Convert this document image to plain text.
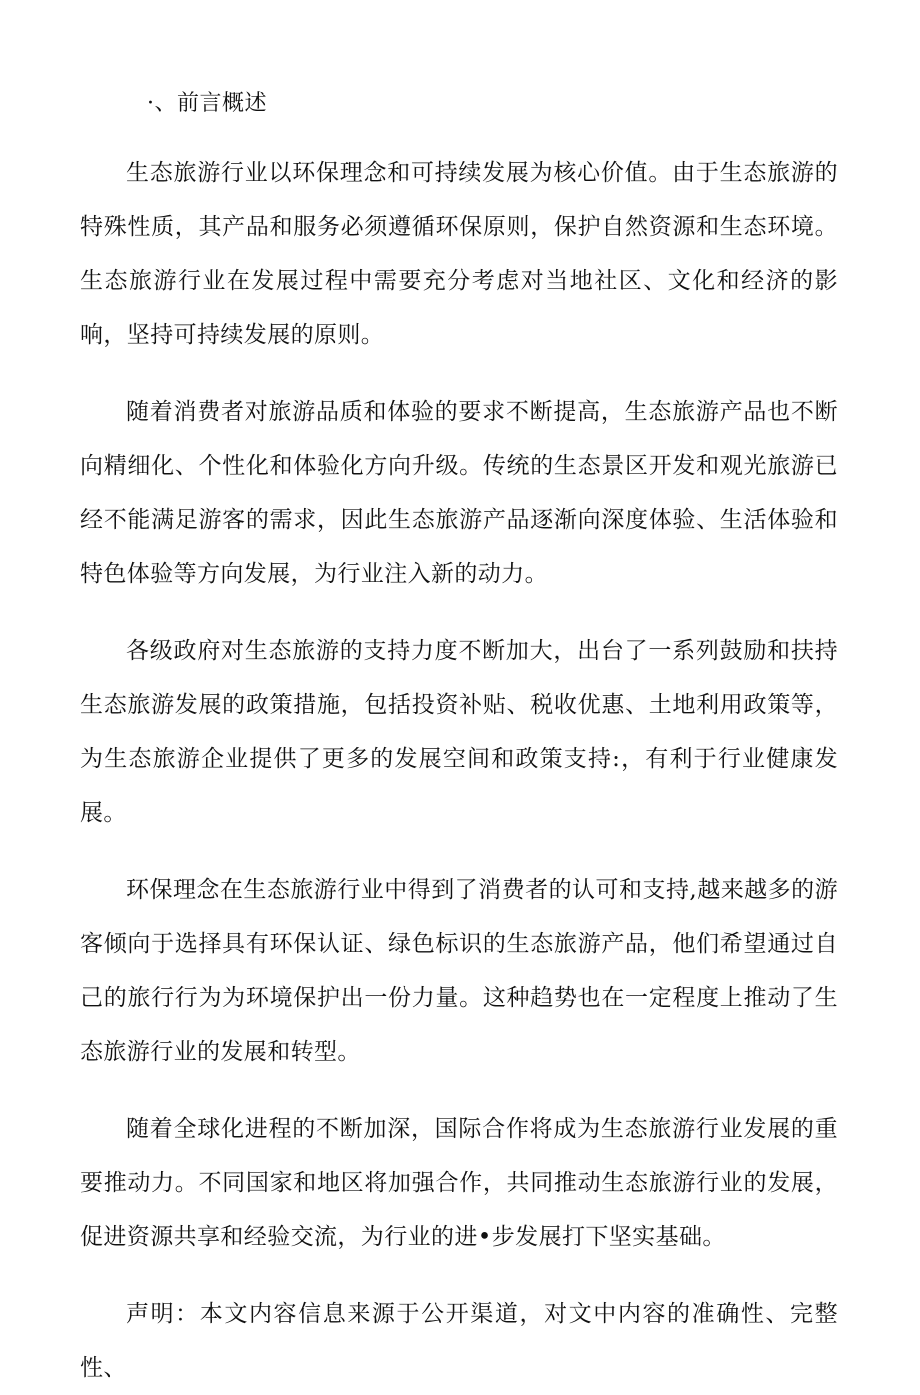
·、前言概述

生态旅游行业以环保理念和可持续发展为核心价值。由于生态旅游的特殊性质，其产品和服务必须遵循环保原则，保护自然资源和生态环境。生态旅游行业在发展过程中需要充分考虑对当地社区、文化和经济的影响，坚持可持续发展的原则。

随着消费者对旅游品质和体验的要求不断提高，生态旅游产品也不断向精细化、个性化和体验化方向升级。传统的生态景区开发和观光旅游已经不能满足游客的需求，因此生态旅游产品逐渐向深度体验、生活体验和特色体验等方向发展，为行业注入新的动力。

各级政府对生态旅游的支持力度不断加大，出台了一系列鼓励和扶持生态旅游发展的政策措施，包括投资补贴、税收优惠、土地利用政策等，为生态旅游企业提供了更多的发展空间和政策支持:，有利于行业健康发展。

环保理念在生态旅游行业中得到了消费者的认可和支持,越来越多的游客倾向于选择具有环保认证、绿色标识的生态旅游产品，他们希望通过自己的旅行行为为环境保护出一份力量。这种趋势也在一定程度上推动了生态旅游行业的发展和转型。

随着全球化进程的不断加深，国际合作将成为生态旅游行业发展的重要推动力。不同国家和地区将加强合作，共同推动生态旅游行业的发展，促进资源共享和经验交流，为行业的进•步发展打下坚实基础。

声明：本文内容信息来源于公开渠道，对文中内容的准确性、完整性、
